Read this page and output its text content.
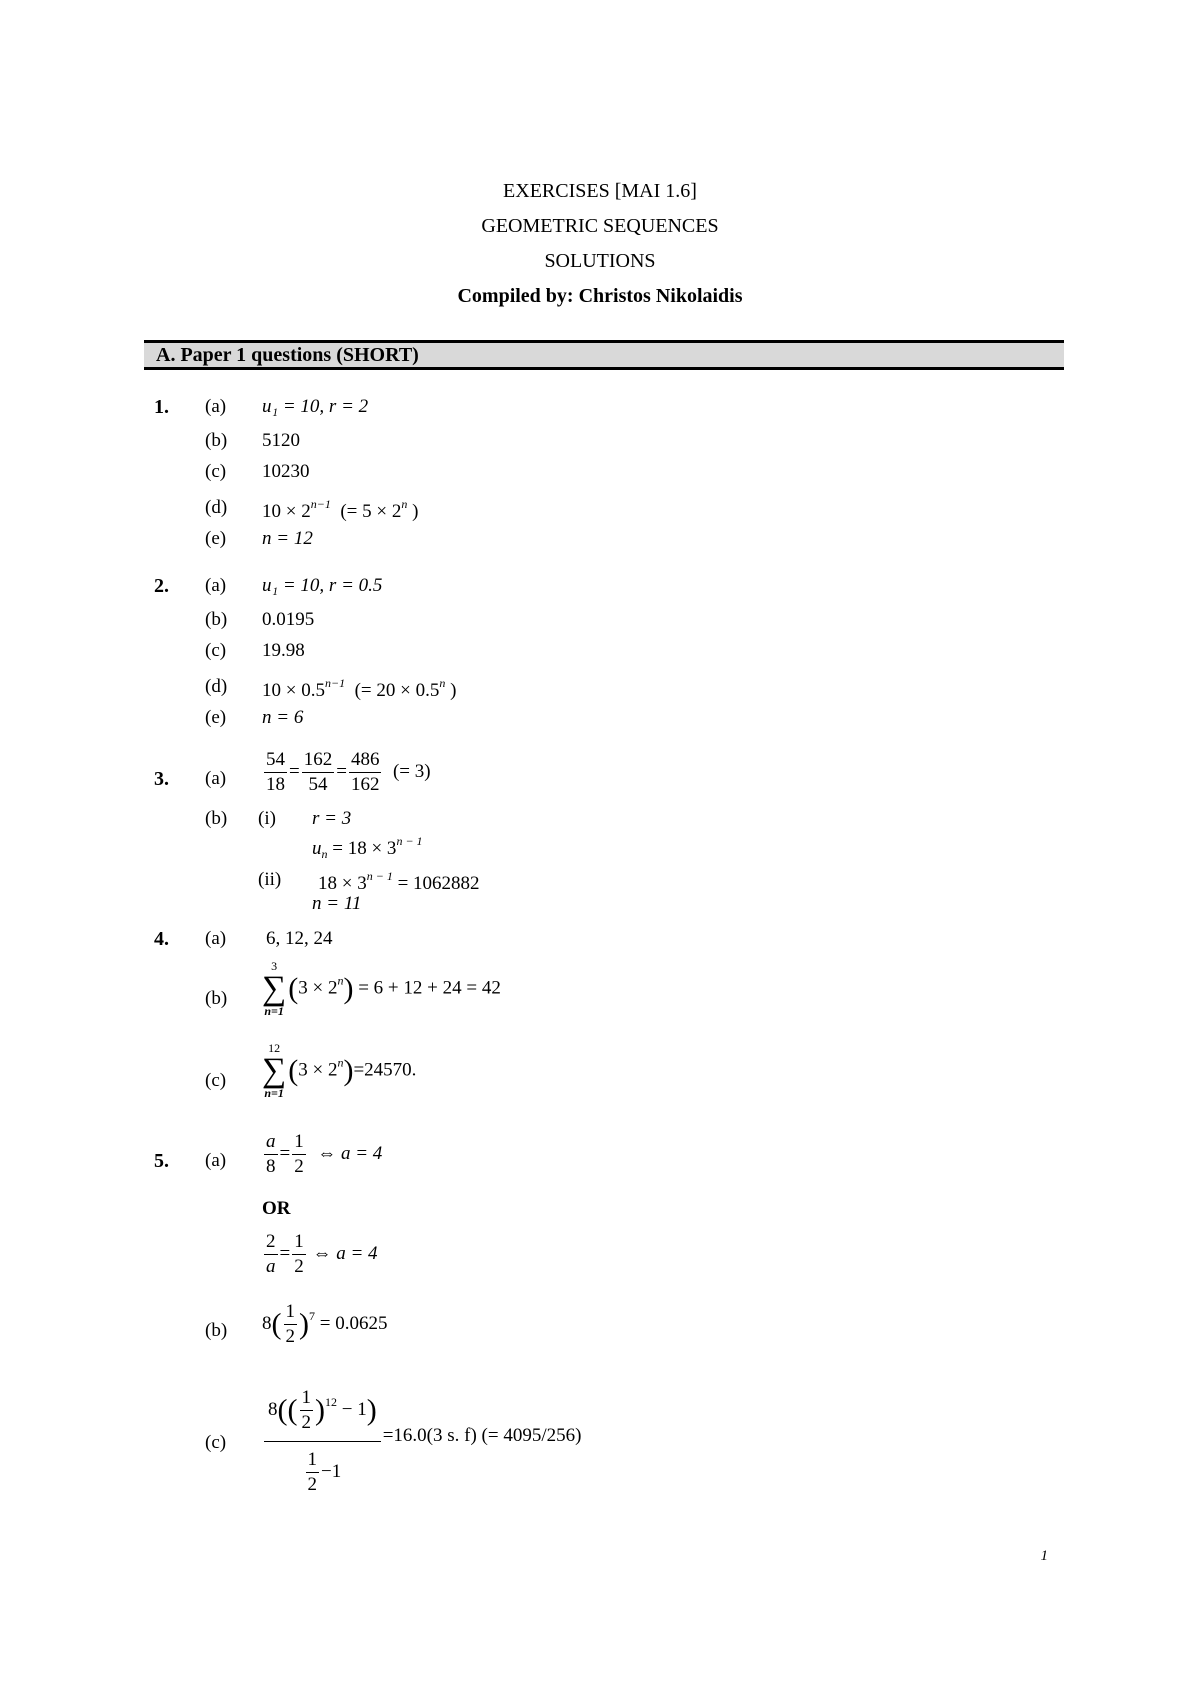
EXERCISES [MAI 1.6]
GEOMETRIC SEQUENCES
SOLUTIONS
Compiled by: Christos Nikolaidis
A. Paper 1 questions (SHORT)
1. (a) u₁ = 10, r = 2
(b) 5120
(c) 10230
(d) $10 \times 2^{n-1}$ (= $5 \times 2^n$ )
(e) n = 12
2. (a) u₁ = 10, r = 0.5
(b) 0.0195
(c) 19.98
(d) $10 \times 0.5^{n-1}$ (= $20 \times 0.5^n$ )
(e) n = 6
3. $(a) \frac{54}{18} = \frac{162}{54} = \frac{486}{162}$ (= 3)
(b) (i) r = 3
$u_n = 18 \times 3^{n - 1}$
(ii) $18 \times 3^{n - 1} = 1062882$
n = 11
4. (a) 6, 12, 24
(b)
3
∑
n=1
$(3 \times 2^n) = 6 + 12 + 24 = 42$
(c)
12
∑
n=1
$(3 \times 2^n)=24570$.
5. $(a) \frac{a}{8} = \frac{1}{2}$ ⇔ a = 4
OR
$\frac{2}{a} = \frac{1}{2}$ ⇔ a = 4
(b) $8( \frac{1}{2} )^7 = 0.0625$
$(c) \frac{8(( \frac{1}{2} )^{12} - 1)}{\frac{1}{2} -1} =16.0(3$ s. f) (= 4095/256)
1
